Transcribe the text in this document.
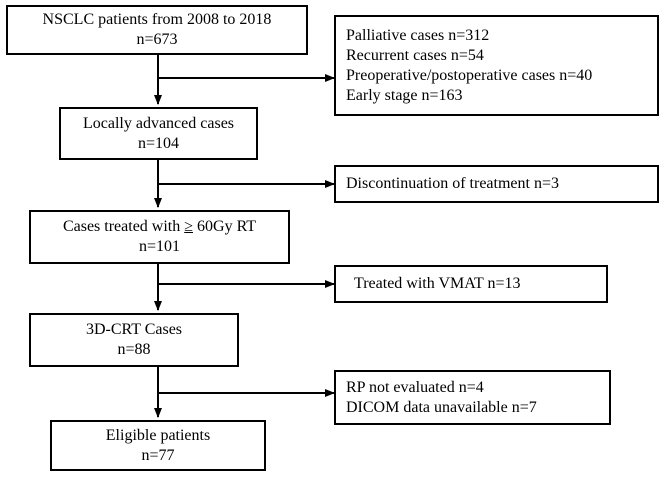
NSCLC patients from 2008 to 2018
n=673
Locally advanced cases
n=104
Cases treated with ≥ 60Gy RT
n=101
3D-CRT Cases
n=88
Eligible patients
n=77
Palliative cases n=312
Recurrent cases n=54
Preoperative/postoperative cases n=40
Early stage n=163
Discontinuation of treatment n=3
Treated with VMAT n=13
RP not evaluated n=4
DICOM data unavailable n=7
